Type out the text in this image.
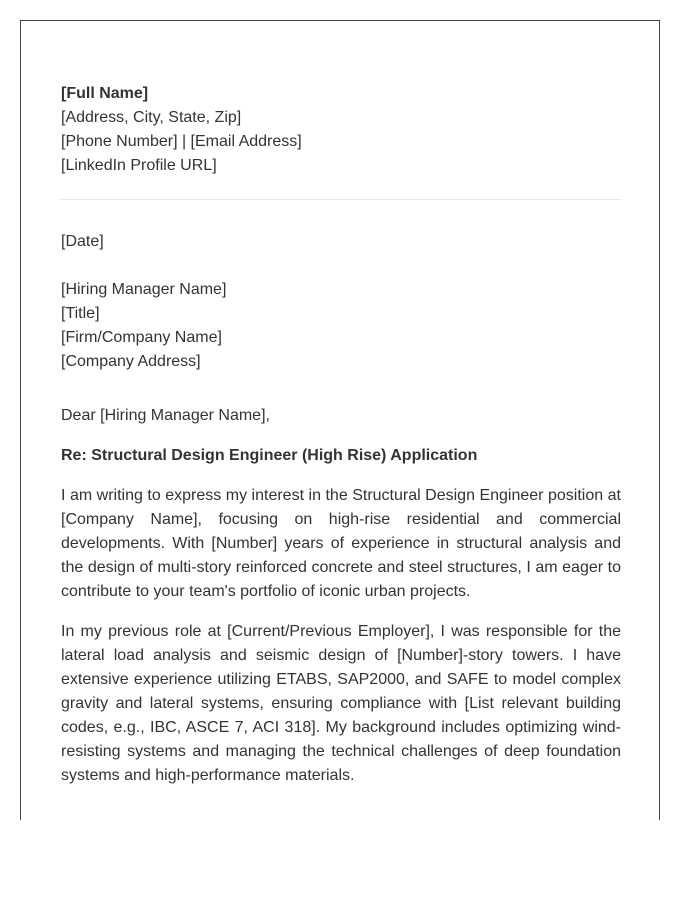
[Full Name]

[Address, City, State, Zip]

[Phone Number] | [Email Address]

[LinkedIn Profile URL]

[Date]

[Hiring Manager Name]

[Title]

[Firm/Company Name]

[Company Address]

Dear [Hiring Manager Name],

Re: Structural Design Engineer (High Rise) Application

I am writing to express my interest in the Structural Design Engineer position at [Company Name], focusing on high-rise residential and commercial developments. With [Number] years of experience in structural analysis and the design of multi-story reinforced concrete and steel structures, I am eager to contribute to your team's portfolio of iconic urban projects.

In my previous role at [Current/Previous Employer], I was responsible for the lateral load analysis and seismic design of [Number]-story towers. I have extensive experience utilizing ETABS, SAP2000, and SAFE to model complex gravity and lateral systems, ensuring compliance with [List relevant building codes, e.g., IBC, ASCE 7, ACI 318]. My background includes optimizing wind-resisting systems and managing the technical challenges of deep foundation systems and high-performance materials.
